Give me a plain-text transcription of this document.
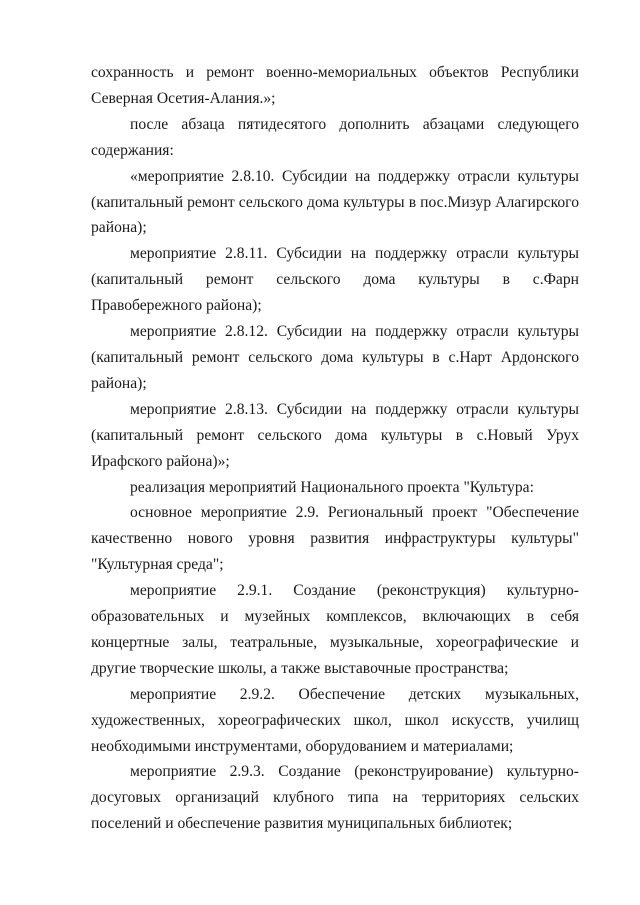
сохранность и ремонт военно-мемориальных объектов Республики Северная Осетия-Алания.»;

после абзаца пятидесятого дополнить абзацами следующего содержания:

«мероприятие 2.8.10. Субсидии на поддержку отрасли культуры (капитальный ремонт сельского дома культуры в пос.Мизур Алагирского района);

мероприятие 2.8.11. Субсидии на поддержку отрасли культуры (капитальный ремонт сельского дома культуры в с.Фарн Правобережного района);

мероприятие 2.8.12. Субсидии на поддержку отрасли культуры (капитальный ремонт сельского дома культуры в с.Нарт Ардонского района);

мероприятие 2.8.13. Субсидии на поддержку отрасли культуры (капитальный ремонт сельского дома культуры в с.Новый Урух Ирафского района)»;

реализация мероприятий Национального проекта "Культура:

основное мероприятие 2.9. Региональный проект "Обеспечение качественно нового уровня развития инфраструктуры культуры" "Культурная среда";

мероприятие 2.9.1. Создание (реконструкция) культурно-образовательных и музейных комплексов, включающих в себя концертные залы, театральные, музыкальные, хореографические и другие творческие школы, а также выставочные пространства;

мероприятие 2.9.2. Обеспечение детских музыкальных, художественных, хореографических школ, школ искусств, училищ необходимыми инструментами, оборудованием и материалами;

мероприятие 2.9.3. Создание (реконструирование) культурно-досуговых организаций клубного типа на территориях сельских поселений и обеспечение развития муниципальных библиотек;
